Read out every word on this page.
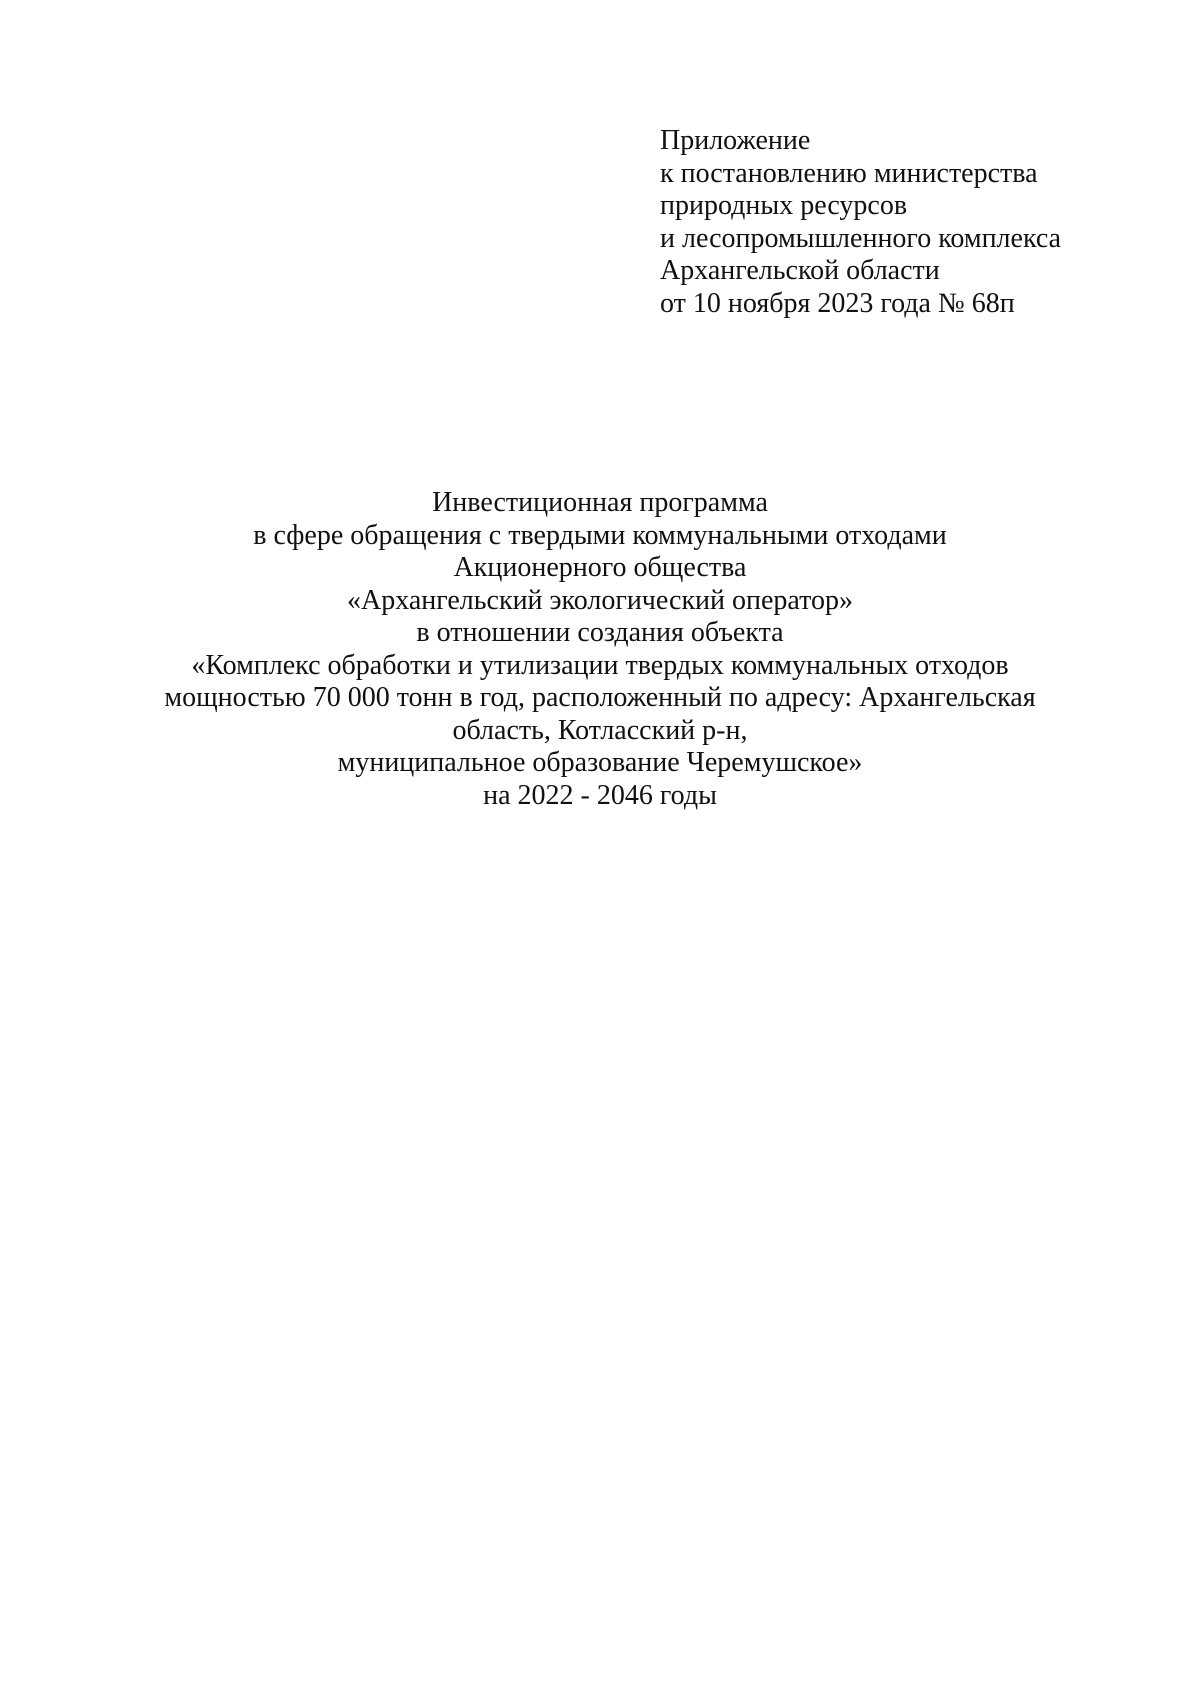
Приложение
к постановлению министерства
природных ресурсов
и лесопромышленного комплекса
Архангельской области
от 10 ноября 2023 года № 68п
Инвестиционная программа
в сфере обращения с твердыми коммунальными отходами
Акционерного общества
«Архангельский экологический оператор»
в отношении создания объекта
«Комплекс обработки и утилизации твердых коммунальных отходов
мощностью 70 000 тонн в год, расположенный по адресу: Архангельская
область, Котласский р-н,
муниципальное образование Черемушское»
на 2022 - 2046 годы
